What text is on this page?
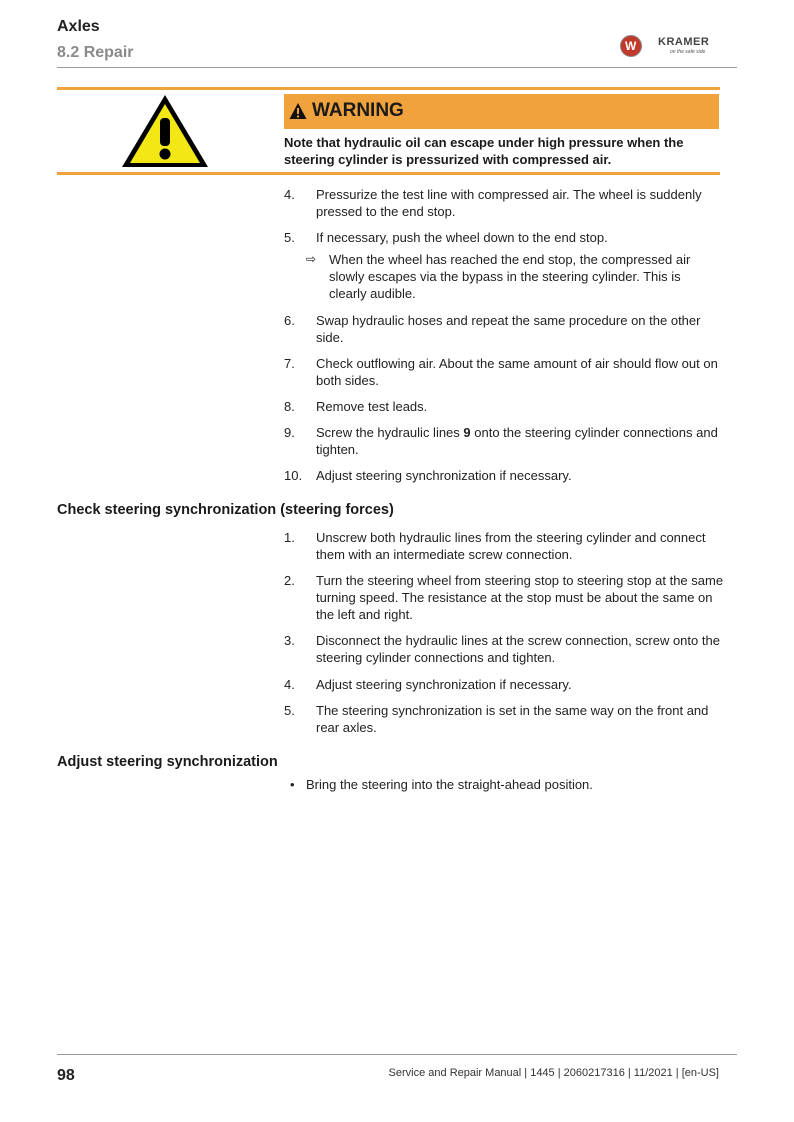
Axles
8.2 Repair	W KRAMER
on the safe side
WARNING
Note that hydraulic oil can escape under high pressure when the steering cylinder is pressurized with compressed air.
4. Pressurize the test line with compressed air. The wheel is suddenly pressed to the end stop.
5. If necessary, push the wheel down to the end stop.
⇨ When the wheel has reached the end stop, the compressed air slowly escapes via the bypass in the steering cylinder. This is clearly audible.
6. Swap hydraulic hoses and repeat the same procedure on the other side.
7. Check outflowing air. About the same amount of air should flow out on both sides.
8. Remove test leads.
9. Screw the hydraulic lines 9 onto the steering cylinder connections and tighten.
10. Adjust steering synchronization if necessary.
Check steering synchronization (steering forces)
1. Unscrew both hydraulic lines from the steering cylinder and connect them with an intermediate screw connection.
2. Turn the steering wheel from steering stop to steering stop at the same turning speed. The resistance at the stop must be about the same on the left and right.
3. Disconnect the hydraulic lines at the screw connection, screw onto the steering cylinder connections and tighten.
4. Adjust steering synchronization if necessary.
5. The steering synchronization is set in the same way on the front and rear axles.
Adjust steering synchronization
• Bring the steering into the straight-ahead position.
98	Service and Repair Manual | 1445 | 2060217316 | 11/2021 | [en-US]
